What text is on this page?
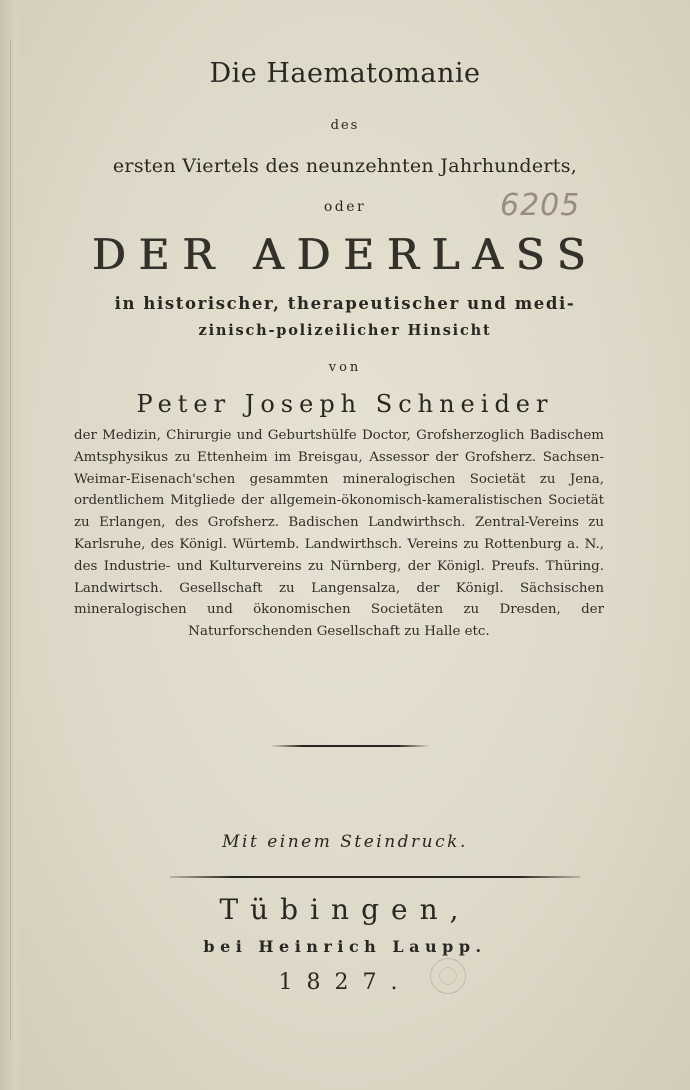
Die Haematomanie
des
ersten Viertels des neunzehnten Jahrhunderts,
oder	6205
DER ADERLASS
in historischer, therapeutischer und medi-
zinisch-polizeilicher Hinsicht
von
Peter Joseph Schneider
der Medizin, Chirurgie und Geburtshülfe Doctor, Grofsherzoglich Badischem Amtsphysikus zu Ettenheim im Breisgau, Assessor der Grofsherz. Sachsen-Weimar-Eisenach'schen gesammten mineralogischen Societät zu Jena, ordentlichem Mitgliede der allgemein-ökonomisch-kameralistischen Societät zu Erlangen, des Grofsherz. Badischen Landwirthsch. Zentral-Vereins zu Karlsruhe, des Königl. Würtemb. Landwirthsch. Vereins zu Rottenburg a. N., des Industrie- und Kulturvereins zu Nürnberg, der Königl. Preufs. Thüring. Landwirtsch. Gesellschaft zu Langensalza, der Königl. Sächsischen mineralogischen und ökonomischen Societäten zu Dresden, der Naturforschenden Gesellschaft zu Halle etc.
Mit einem Steindruck.
Tübingen,
bei Heinrich Laupp.
1827.
